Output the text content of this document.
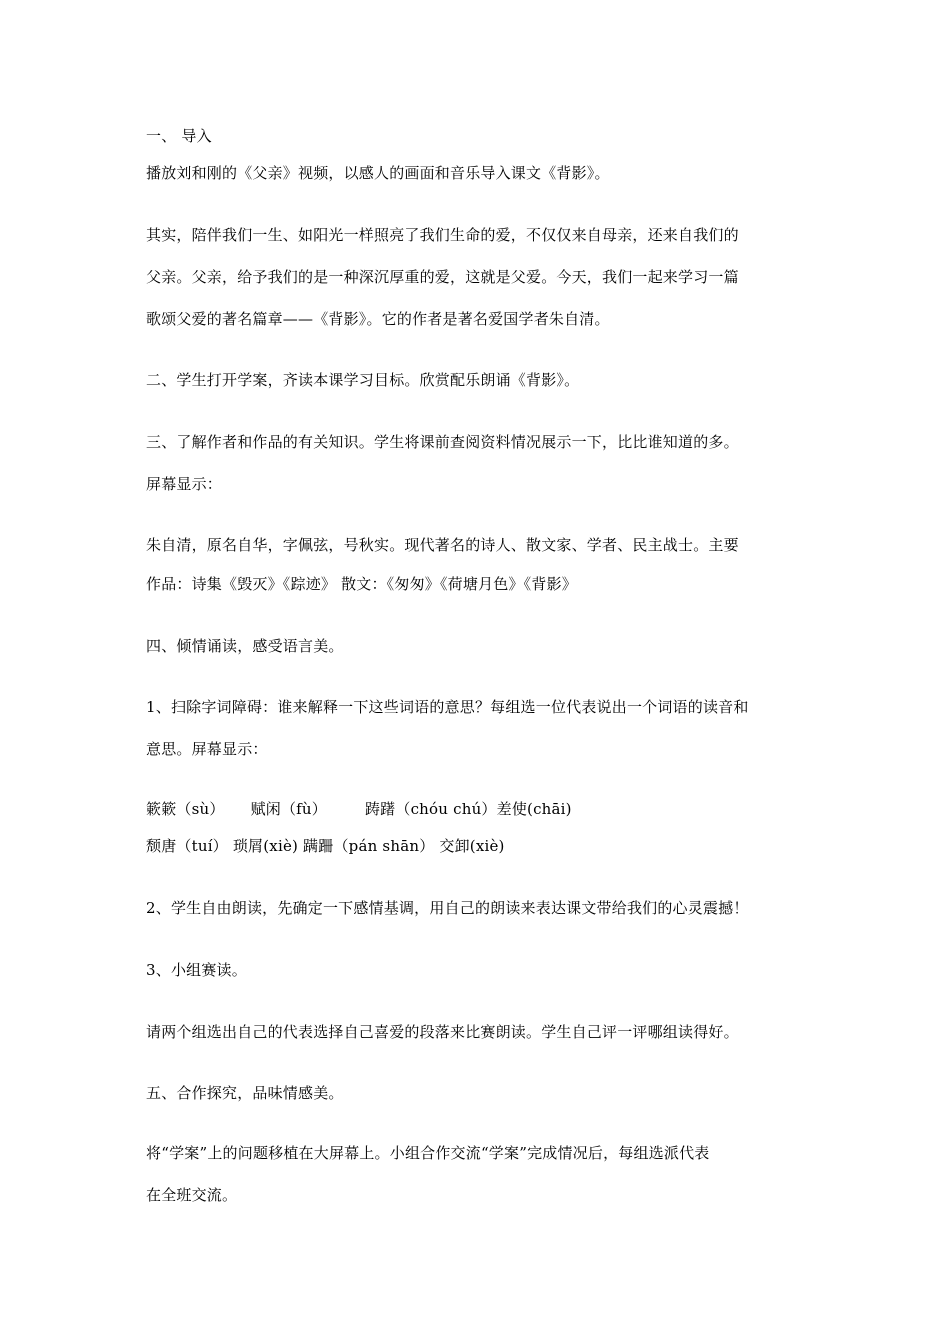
一、 导入
播放刘和刚的《父亲》视频，以感人的画面和音乐导入课文《背影》。
其实，陪伴我们一生、如阳光一样照亮了我们生命的爱，不仅仅来自母亲，还来自我们的
父亲。父亲，给予我们的是一种深沉厚重的爱，这就是父爱。今天，我们一起来学习一篇
歌颂父爱的著名篇章——《背影》。它的作者是著名爱国学者朱自清。
二、学生打开学案，齐读本课学习目标。欣赏配乐朗诵《背影》。
三、了解作者和作品的有关知识。学生将课前查阅资料情况展示一下，比比谁知道的多。
屏幕显示：
朱自清，原名自华，字佩弦，号秋实。现代著名的诗人、散文家、学者、民主战士。主要
作品：诗集《毁灭》《踪迹》 散文：《匆匆》《荷塘月色》《背影》
四、倾情诵读，感受语言美。
1、扫除字词障碍：谁来解释一下这些词语的意思？每组选一位代表说出一个词语的读音和
意思。屏幕显示：
簌簌（sù） 赋闲（fù）	踌躇（chóu chú）差使(chāi)
颓唐（tuí） 琐屑(xiè) 蹒跚（pán shān） 交卸(xiè)
2、学生自由朗读，先确定一下感情基调，用自己的朗读来表达课文带给我们的心灵震撼！
3、小组赛读。
请两个组选出自己的代表选择自己喜爱的段落来比赛朗读。学生自己评一评哪组读得好。
五、合作探究，品味情感美。
将“学案”上的问题移植在大屏幕上。小组合作交流“学案”完成情况后，每组选派代表
在全班交流。
